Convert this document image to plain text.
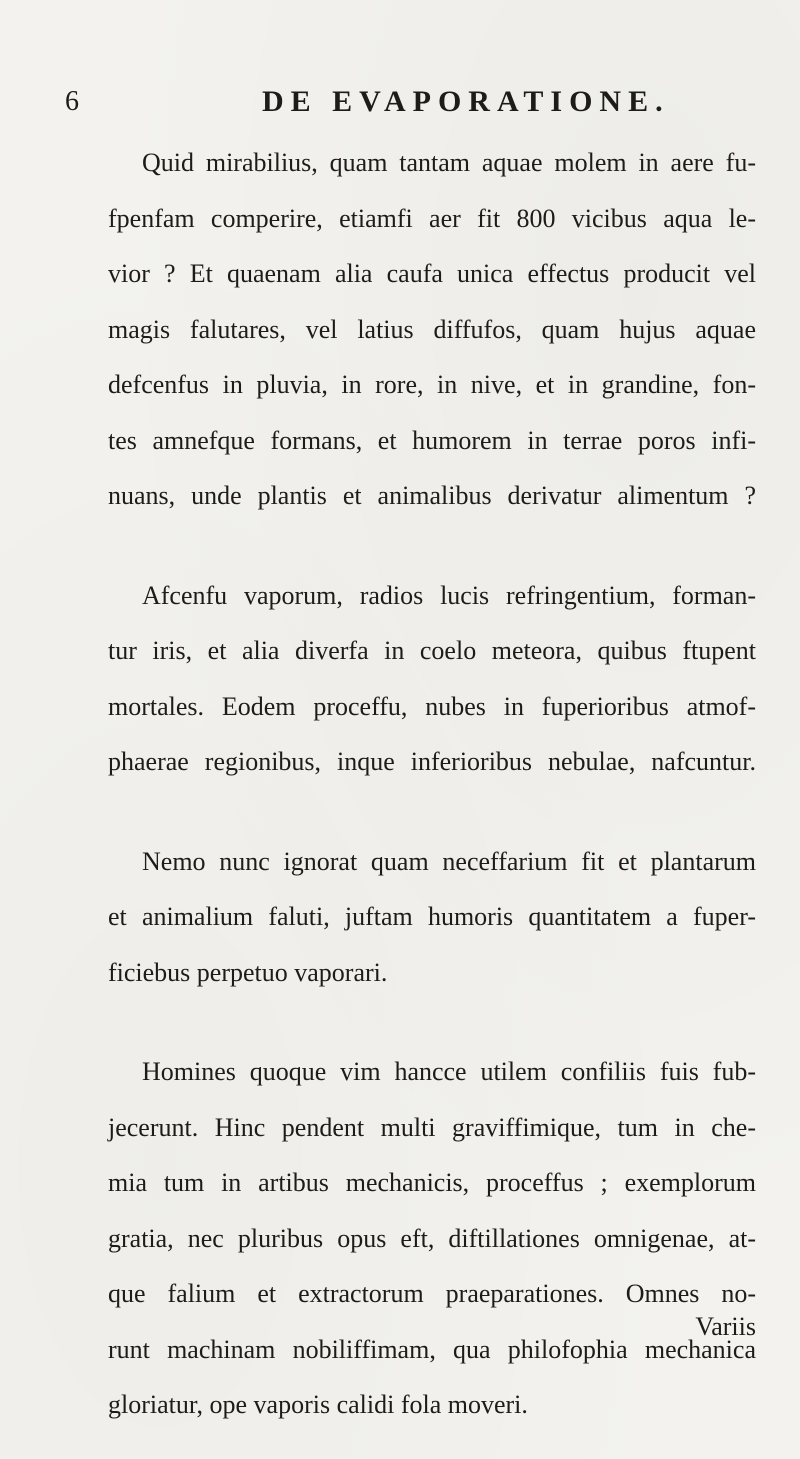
6	DE EVAPORATIONE.
Quid mirabilius, quam tantam aquae molem in aere fu-
fpenfam comperire, etiamfi aer fit 800 vicibus aqua le-
vior ? Et quaenam alia caufa unica effectus producit vel
magis falutares, vel latius diffufos, quam hujus aquae
defcenfus in pluvia, in rore, in nive, et in grandine, fon-
tes amnefque formans, et humorem in terrae poros infi-
nuans, unde plantis et animalibus derivatur alimentum ?
Afcenfu vaporum, radios lucis refringentium, forman-
tur iris, et alia diverfa in coelo meteora, quibus ftupent
mortales. Eodem proceffu, nubes in fuperioribus atmof-
phaerae regionibus, inque inferioribus nebulae, nafcuntur.
Nemo nunc ignorat quam neceffarium fit et plantarum
et animalium faluti, juftam humoris quantitatem a fuper-
ficiebus perpetuo vaporari.
Homines quoque vim hancce utilem confiliis fuis fub-
jecerunt. Hinc pendent multi graviffimique, tum in che-
mia tum in artibus mechanicis, proceffus ; exemplorum
gratia, nec pluribus opus eft, diftillationes omnigenae, at-
que falium et extractorum praeparationes. Omnes no-
runt machinam nobiliffimam, qua philofophia mechanica
gloriatur, ope vaporis calidi fola moveri.
Variis
